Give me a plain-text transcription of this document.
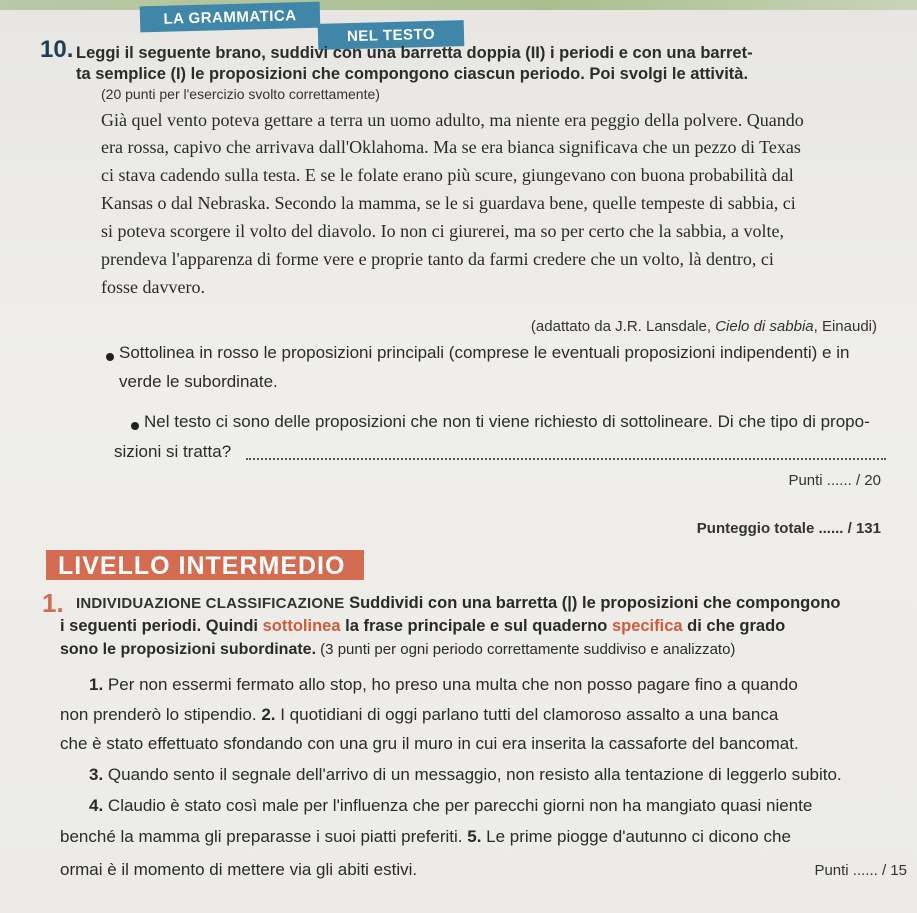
LA GRAMMATICA
NEL TESTO
10. Leggi il seguente brano, suddivi con una barretta doppia (II) i periodi e con una barret-
ta semplice (I) le proposizioni che compongono ciascun periodo. Poi svolgi le attività.
(20 punti per l'esercizio svolto correttamente)
Già quel vento poteva gettare a terra un uomo adulto, ma niente era peggio della polvere. Quando
era rossa, capivo che arrivava dall'Oklahoma. Ma se era bianca significava che un pezzo di Texas
ci stava cadendo sulla testa. E se le folate erano più scure, giungevano con buona probabilità dal
Kansas o dal Nebraska. Secondo la mamma, se le si guardava bene, quelle tempeste di sabbia, ci
si poteva scorgere il volto del diavolo. Io non ci giurerei, ma so per certo che la sabbia, a volte,
prendeva l'apparenza di forme vere e proprie tanto da farmi credere che un volto, là dentro, ci
fosse davvero.
(adattato da J.R. Lansdale, Cielo di sabbia, Einaudi)
Sottolinea in rosso le proposizioni principali (comprese le eventuali proposizioni indipendenti) e in
verde le subordinate.
Nel testo ci sono delle proposizioni che non ti viene richiesto di sottolineare. Di che tipo di propo-
sizioni si tratta?
Punti ...... / 20
Punteggio totale ...... / 131
LIVELLO INTERMEDIO
1. INDIVIDUAZIONE CLASSIFICAZIONE Suddividi con una barretta (|) le proposizioni che compongono
i seguenti periodi. Quindi sottolinea la frase principale e sul quaderno specifica di che grado
sono le proposizioni subordinate. (3 punti per ogni periodo correttamente suddiviso e analizzato)
1. Per non essermi fermato allo stop, ho preso una multa che non posso pagare fino a quando
non prenderò lo stipendio. 2. I quotidiani di oggi parlano tutti del clamoroso assalto a una banca
che è stato effettuato sfondando con una gru il muro in cui era inserita la cassaforte del bancomat.
3. Quando sento il segnale dell'arrivo di un messaggio, non resisto alla tentazione di leggerlo subito.
4. Claudio è stato così male per l'influenza che per parecchi giorni non ha mangiato quasi niente
benché la mamma gli preparasse i suoi piatti preferiti. 5. Le prime piogge d'autunno ci dicono che
ormai è il momento di mettere via gli abiti estivi.	Punti ...... / 15
